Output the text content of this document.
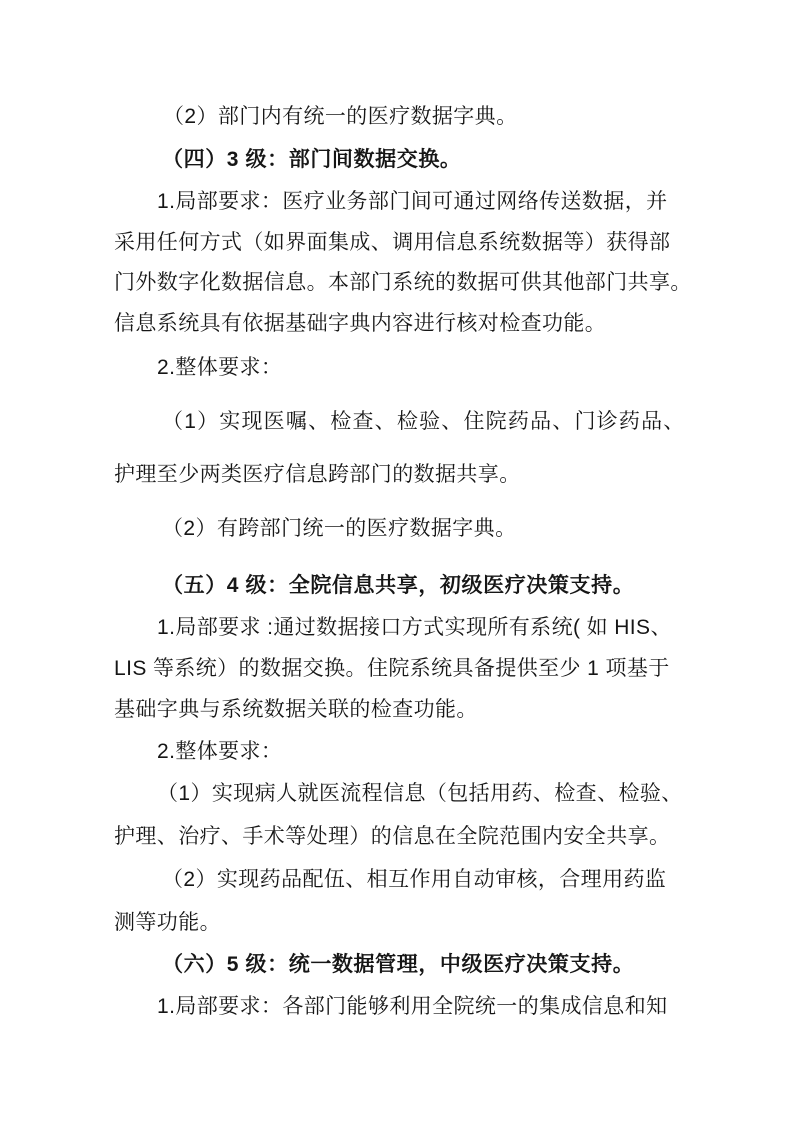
（2）部门内有统一的医疗数据字典。
（四）3 级：部门间数据交换。
1.局部要求：医疗业务部门间可通过网络传送数据，并
采用任何方式（如界面集成、调用信息系统数据等）获得部
门外数字化数据信息。本部门系统的数据可供其他部门共享。
信息系统具有依据基础字典内容进行核对检查功能。
2.整体要求：
（1）实现医嘱、检查、检验、住院药品、门诊药品、
护理至少两类医疗信息跨部门的数据共享。
（2）有跨部门统一的医疗数据字典。
（五）4 级：全院信息共享，初级医疗决策支持。
1.局部要求 :通过数据接口方式实现所有系统( 如 HIS、
LIS 等系统）的数据交换。住院系统具备提供至少 1 项基于
基础字典与系统数据关联的检查功能。
2.整体要求：
（1）实现病人就医流程信息（包括用药、检查、检验、
护理、治疗、手术等处理）的信息在全院范围内安全共享。
（2）实现药品配伍、相互作用自动审核，合理用药监
测等功能。
（六）5 级：统一数据管理，中级医疗决策支持。
1.局部要求：各部门能够利用全院统一的集成信息和知
